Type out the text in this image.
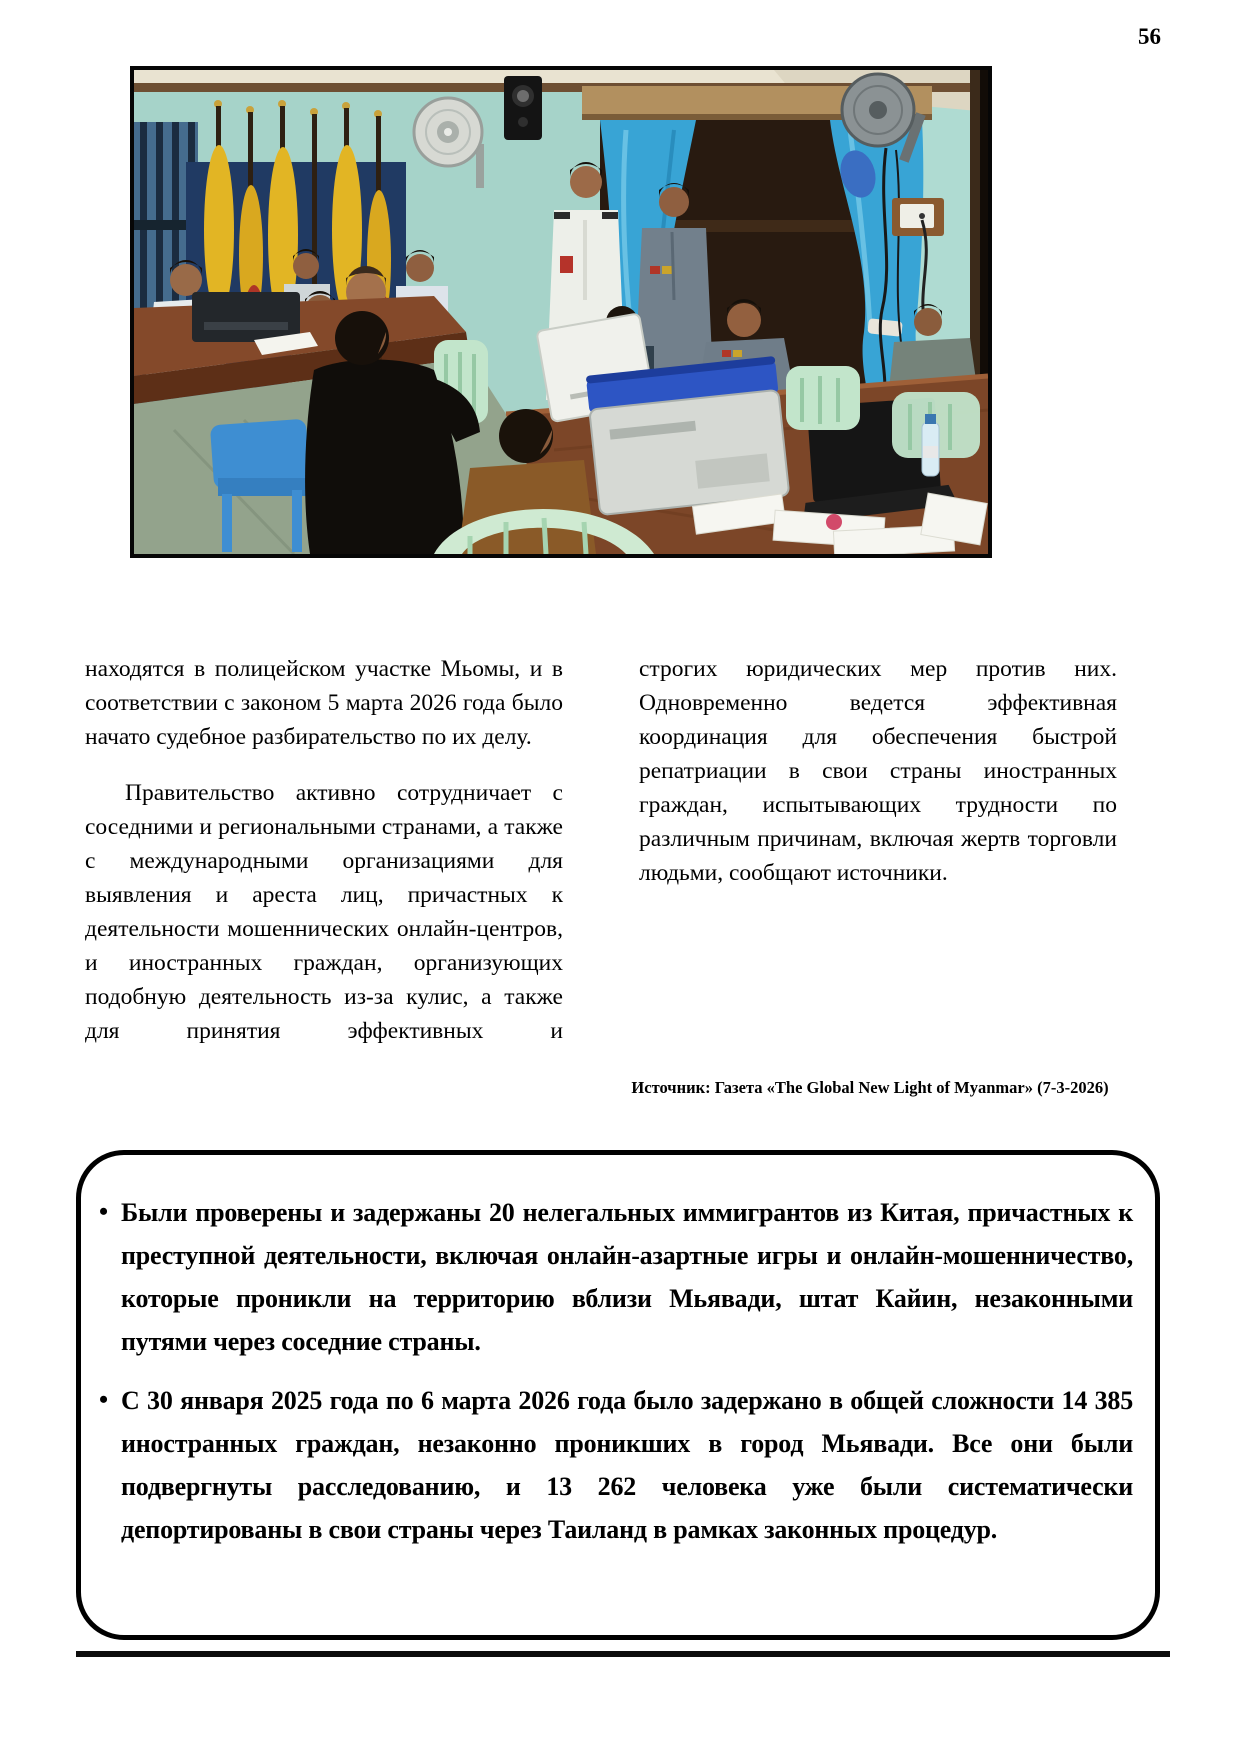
56

находятся в полицейском участке Мьомы, и в соответствии с законом 5 марта 2026 года было начато судебное разбирательство по их делу.

Правительство активно сотрудничает с соседними и региональными странами, а также с международными организациями для выявления и ареста лиц, причастных к деятельности мошеннических онлайн-центров, и иностранных граждан, организующих подобную деятельность из-за кулис, а также для принятия эффективных и

строгих юридических мер против них. Одновременно ведется эффективная координация для обеспечения быстрой репатриации в свои страны иностранных граждан, испытывающих трудности по различным причинам, включая жертв торговли людьми, сообщают источники.

Источник: Газета «The Global New Light of Myanmar» (7-3-2026)
• Были проверены и задержаны 20 нелегальных иммигрантов из Китая, причастных к преступной деятельности, включая онлайн-азартные игры и онлайн-мошенничество, которые проникли на территорию вблизи Мьявади, штат Кайин, незаконными путями через соседние страны.
• С 30 января 2025 года по 6 марта 2026 года было задержано в общей сложности 14 385 иностранных граждан, незаконно проникших в город Мьявади. Все они были подвергнуты расследованию, и 13 262 человека уже были систематически депортированы в свои страны через Таиланд в рамках законных процедур.
